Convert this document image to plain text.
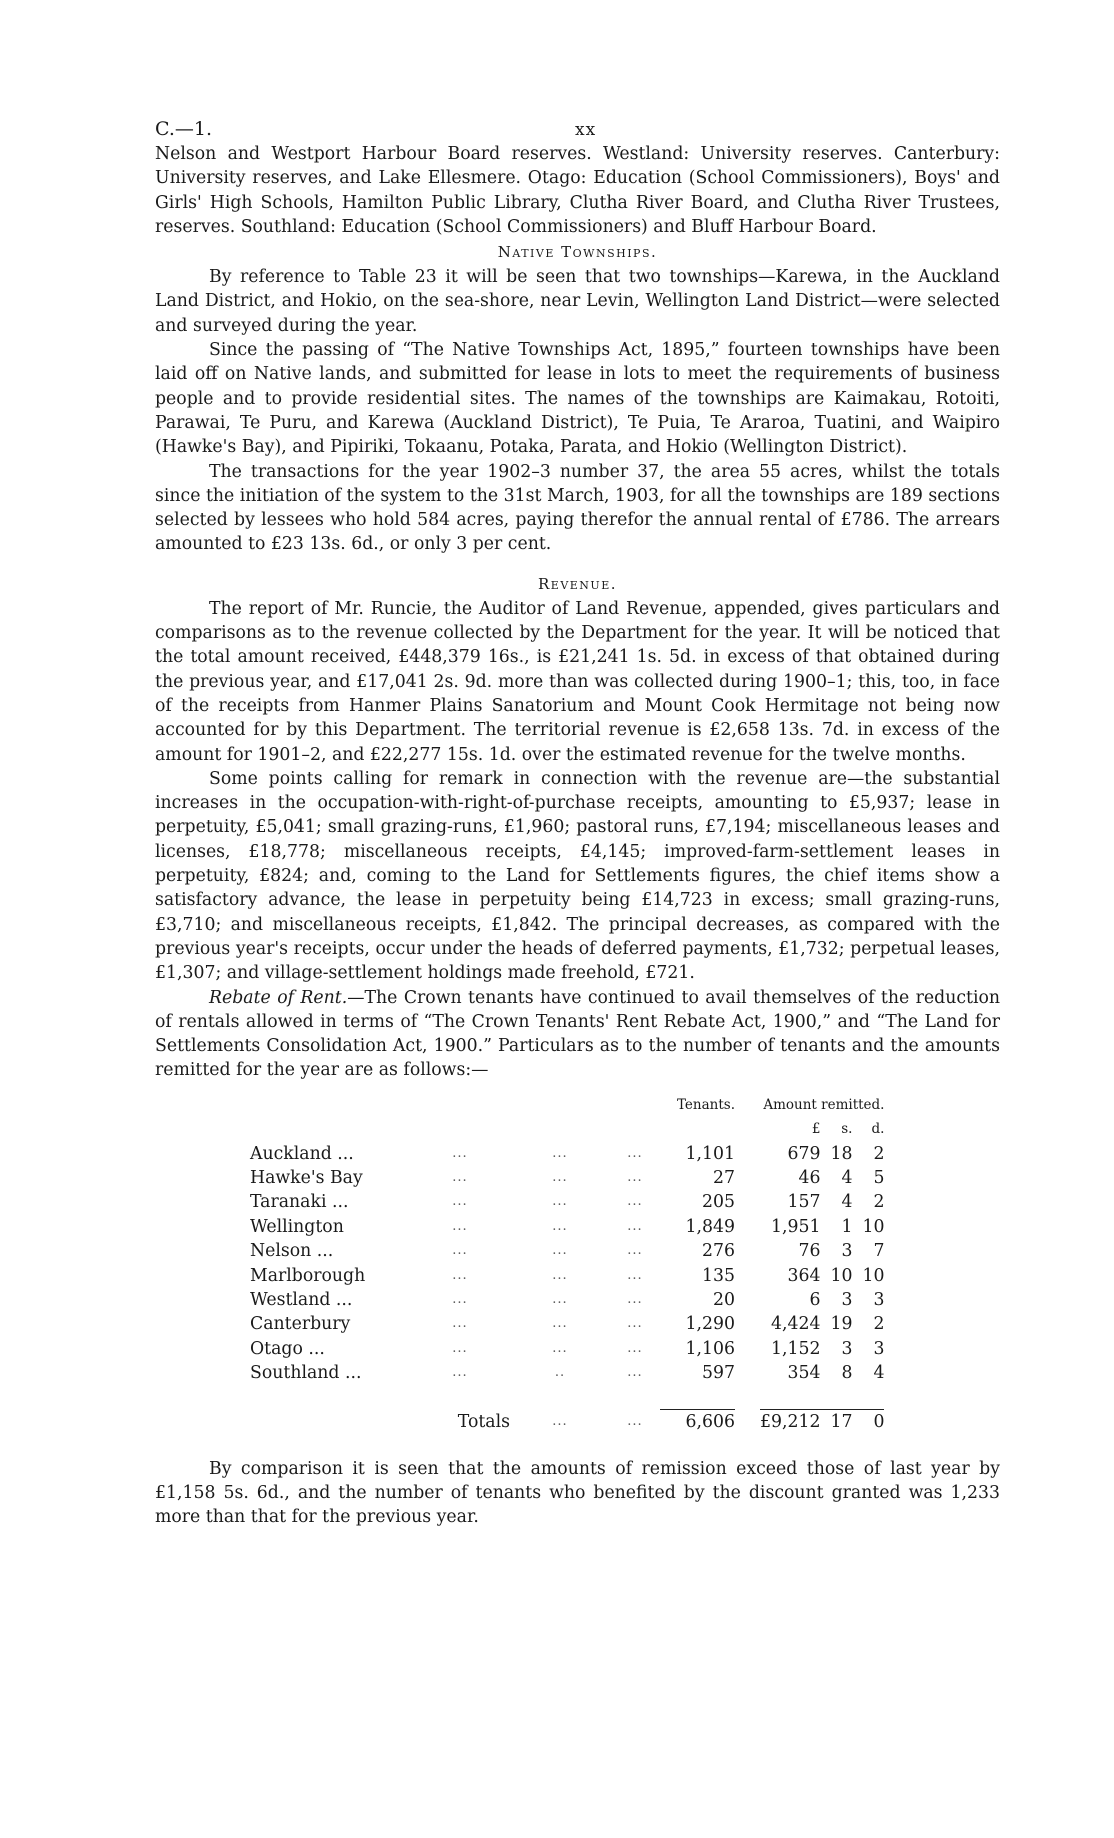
C.—1.	xx

Nelson and Westport Harbour Board reserves. Westland: University reserves. Canterbury: University reserves, and Lake Ellesmere. Otago: Education (School Commissioners), Boys' and Girls' High Schools, Hamilton Public Library, Clutha River Board, and Clutha River Trustees, reserves. Southland: Education (School Commissioners) and Bluff Harbour Board.

Native Townships.

By reference to Table 23 it will be seen that two townships—Karewa, in the Auckland Land District, and Hokio, on the sea-shore, near Levin, Wellington Land District—were selected and surveyed during the year.

Since the passing of “The Native Townships Act, 1895,” fourteen townships have been laid off on Native lands, and submitted for lease in lots to meet the requirements of business people and to provide residential sites. The names of the townships are Kaimakau, Rotoiti, Parawai, Te Puru, and Karewa (Auckland District), Te Puia, Te Araroa, Tuatini, and Waipiro (Hawke's Bay), and Pipiriki, Tokaanu, Potaka, Parata, and Hokio (Wellington District).

The transactions for the year 1902–3 number 37, the area 55 acres, whilst the totals since the initiation of the system to the 31st March, 1903, for all the townships are 189 sections selected by lessees who hold 584 acres, paying therefor the annual rental of £786. The arrears amounted to £23 13s. 6d., or only 3 per cent.

Revenue.

The report of Mr. Runcie, the Auditor of Land Revenue, appended, gives particulars and comparisons as to the revenue collected by the Department for the year. It will be noticed that the total amount received, £448,379 16s., is £21,241 1s. 5d. in excess of that obtained during the previous year, and £17,041 2s. 9d. more than was collected during 1900–1; this, too, in face of the receipts from Hanmer Plains Sanatorium and Mount Cook Hermitage not being now accounted for by this Department. The territorial revenue is £2,658 13s. 7d. in excess of the amount for 1901–2, and £22,277 15s. 1d. over the estimated revenue for the twelve months.

Some points calling for remark in connection with the revenue are—the substantial increases in the occupation-with-right-of-purchase receipts, amounting to £5,937; lease in perpetuity, £5,041; small grazing-runs, £1,960; pastoral runs, £7,194; miscellaneous leases and licenses, £18,778; miscellaneous receipts, £4,145; improved-farm-settlement leases in perpetuity, £824; and, coming to the Land for Settlements figures, the chief items show a satisfactory advance, the lease in perpetuity being £14,723 in excess; small grazing-runs, £3,710; and miscellaneous receipts, £1,842. The principal decreases, as compared with the previous year's receipts, occur under the heads of deferred payments, £1,732; perpetual leases, £1,307; and village-settlement holdings made freehold, £721.

Rebate of Rent.—The Crown tenants have continued to avail themselves of the reduction of rentals allowed in terms of “The Crown Tenants' Rent Rebate Act, 1900,” and “The Land for Settlements Consolidation Act, 1900.” Particulars as to the number of tenants and the amounts remitted for the year are as follows:—

				Tenants.		Amount remitted.		
						£	s.	d.
Auckland ...	...	...	...	1,101		679	18	2
Hawke's Bay	...	...	...	27		46	4	5
Taranaki ...	...	...	...	205		157	4	2
Wellington	...	...	...	1,849		1,951	1	10
Nelson ...	...	...	...	276		76	3	7
Marlborough	...	...	...	135		364	10	10
Westland ...	...	...	...	20		6	3	3
Canterbury	...	...	...	1,290		4,424	19	2
Otago ...	...	...	...	1,106		1,152	3	3
Southland ...	...	..	...	597		354	8	4

	Totals	...	...	6,606		£9,212	17	0

By comparison it is seen that the amounts of remission exceed those of last year by £1,158 5s. 6d., and the number of tenants who benefited by the discount granted was 1,233 more than that for the previous year.
